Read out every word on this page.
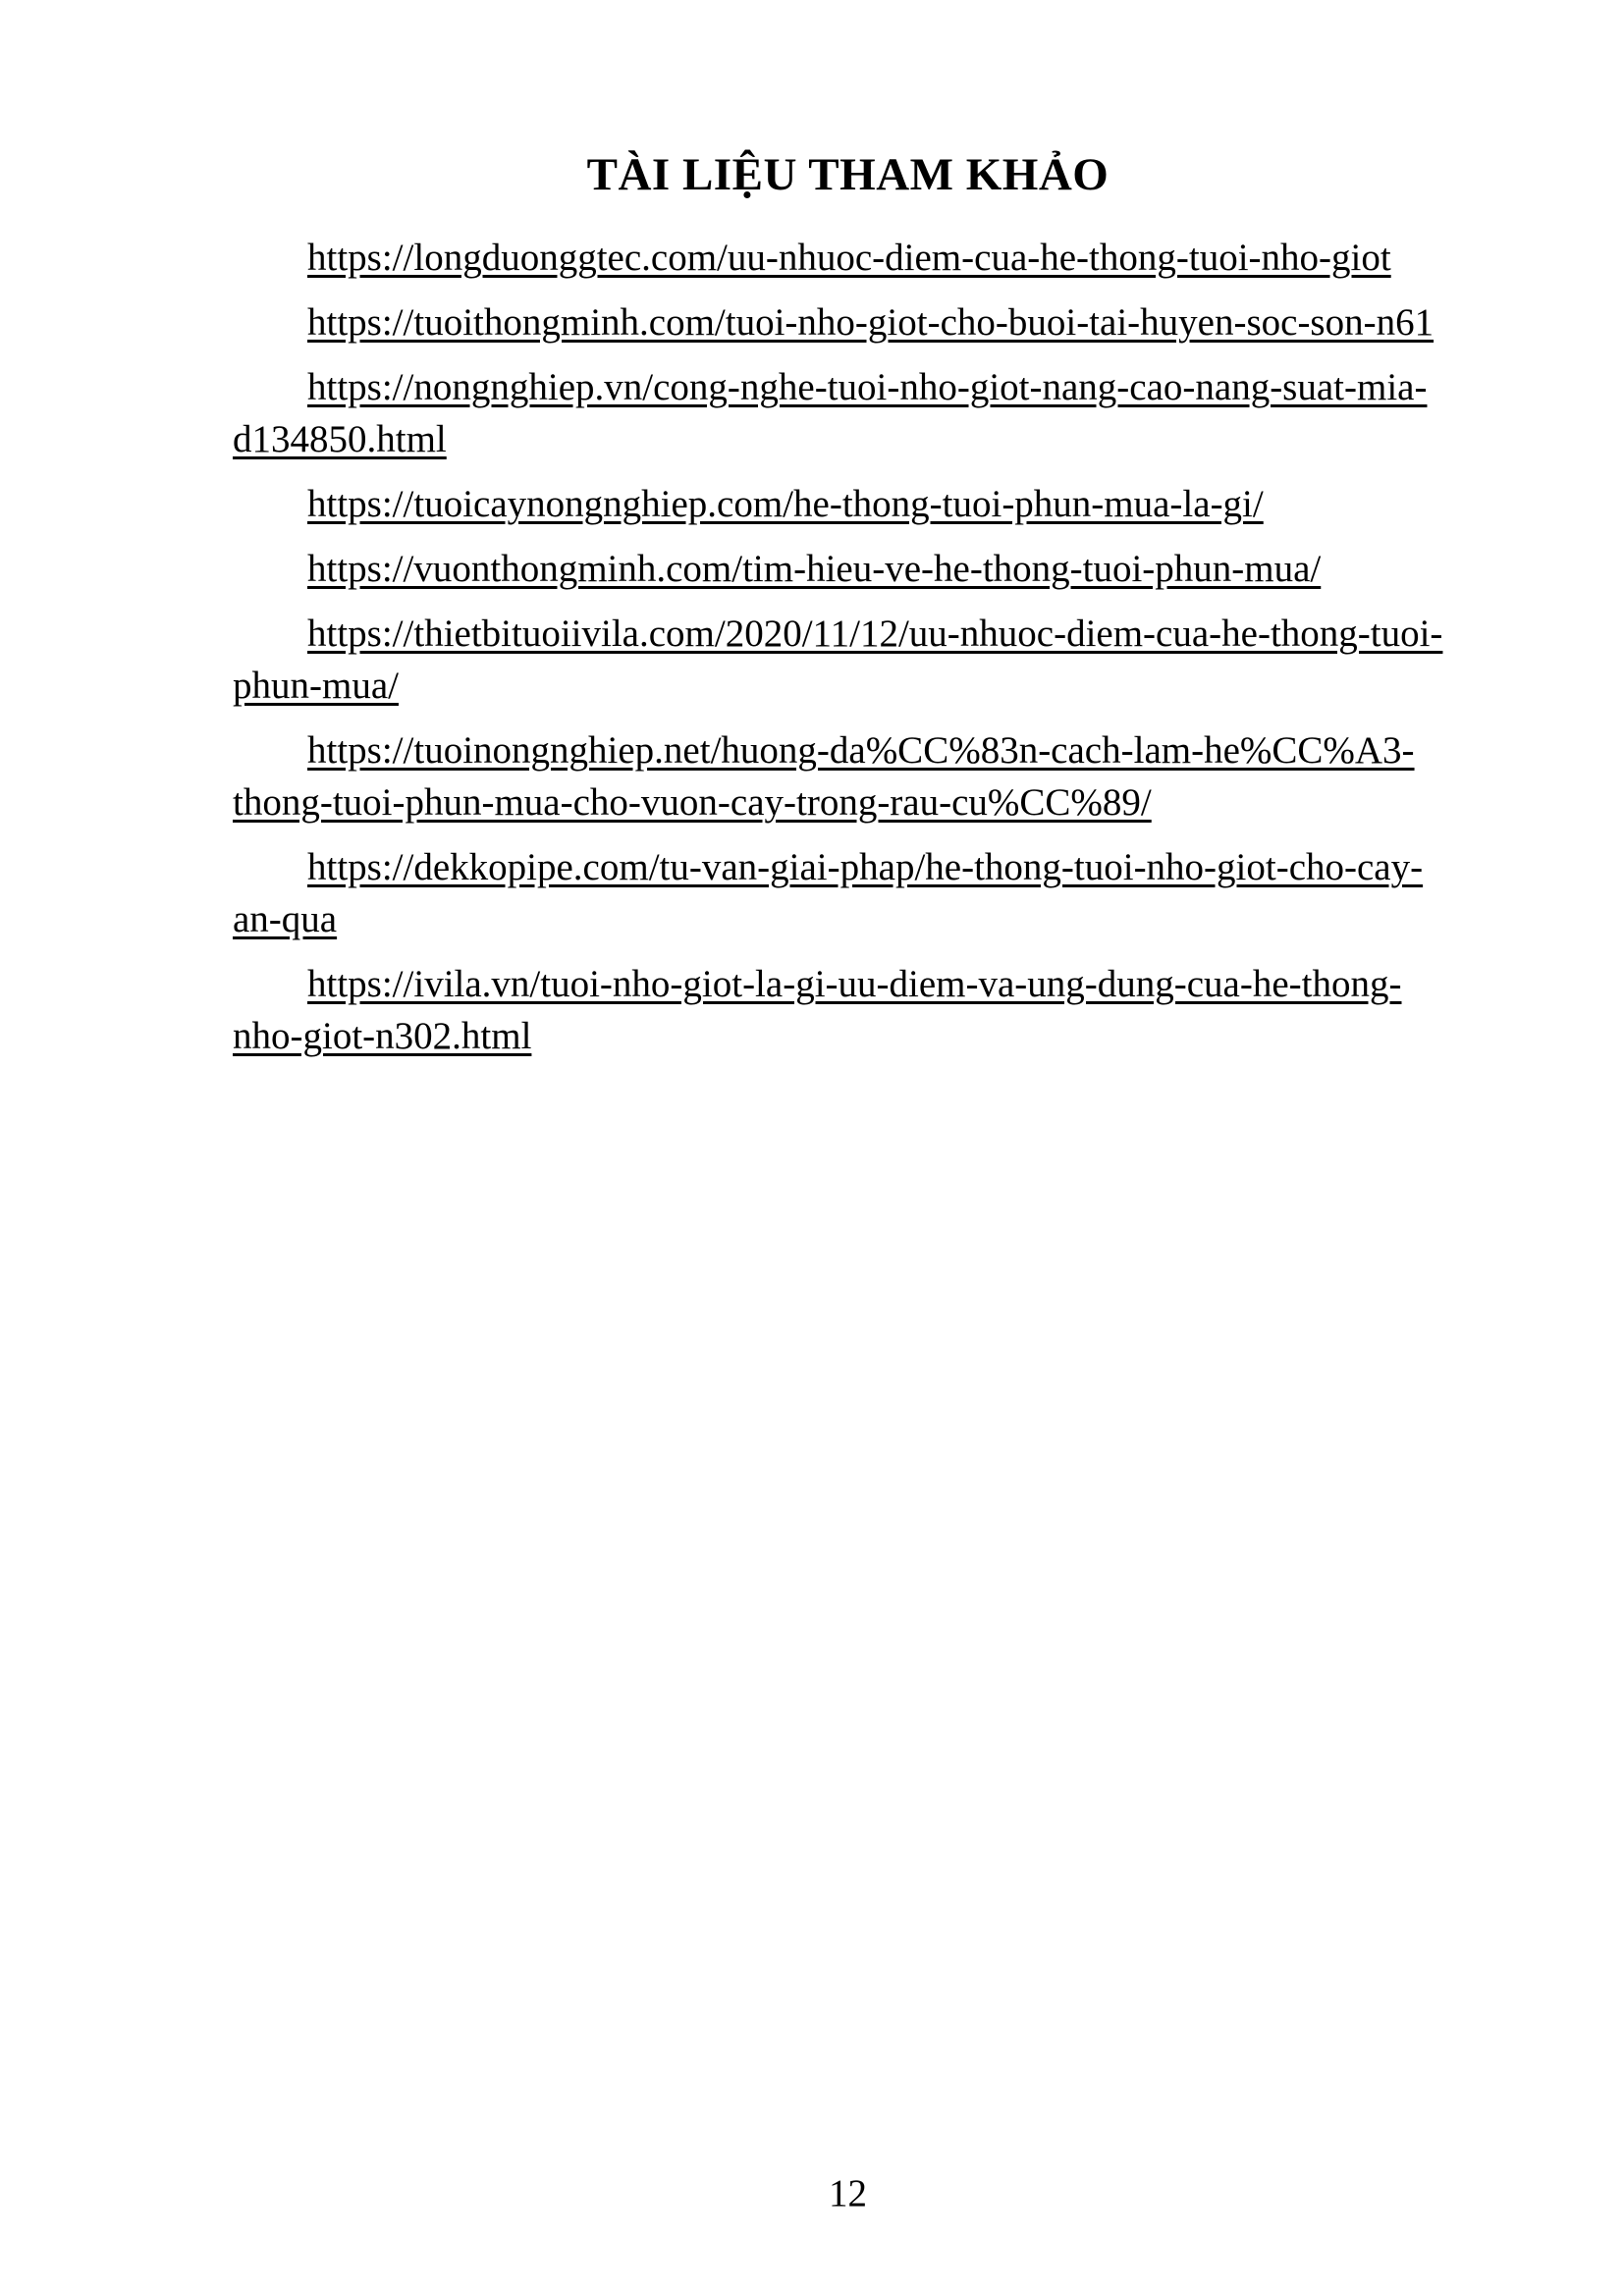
TÀI LIỆU THAM KHẢO

https://longduonggtec.com/uu-nhuoc-diem-cua-he-thong-tuoi-nho-giot

https://tuoithongminh.com/tuoi-nho-giot-cho-buoi-tai-huyen-soc-son-n61

https://nongnghiep.vn/cong-nghe-tuoi-nho-giot-nang-cao-nang-suat-mia-
d134850.html

https://tuoicaynongnghiep.com/he-thong-tuoi-phun-mua-la-gi/

https://vuonthongminh.com/tim-hieu-ve-he-thong-tuoi-phun-mua/

https://thietbituoiivila.com/2020/11/12/uu-nhuoc-diem-cua-he-thong-tuoi-
phun-mua/

https://tuoinongnghiep.net/huong-da%CC%83n-cach-lam-he%CC%A3-
thong-tuoi-phun-mua-cho-vuon-cay-trong-rau-cu%CC%89/

https://dekkopipe.com/tu-van-giai-phap/he-thong-tuoi-nho-giot-cho-cay-
an-qua

https://ivila.vn/tuoi-nho-giot-la-gi-uu-diem-va-ung-dung-cua-he-thong-
nho-giot-n302.html

12
